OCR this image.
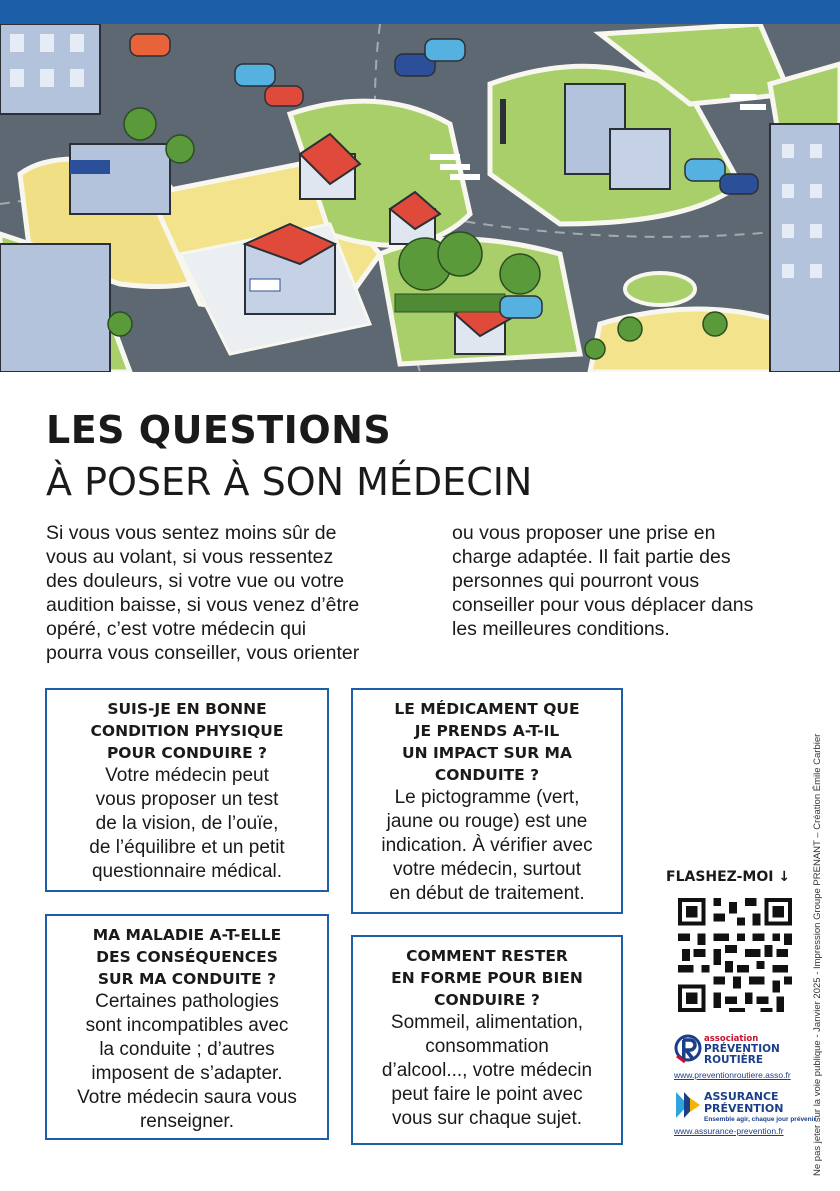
LES QUESTIONS
À POSER À SON MÉDECIN
Si vous vous sentez moins sûr de
vous au volant, si vous ressentez
des douleurs, si votre vue ou votre
audition baisse, si vous venez d’être
opéré, c’est votre médecin qui
pourra vous conseiller, vous orienter
ou vous proposer une prise en
charge adaptée. Il fait partie des
personnes qui pourront vous
conseiller pour vous déplacer dans
les meilleures conditions.
SUIS-JE EN BONNE
CONDITION PHYSIQUE
POUR CONDUIRE ?
Votre médecin peut
vous proposer un test
de la vision, de l’ouïe,
de l’équilibre et un petit
questionnaire médical.
LE MÉDICAMENT QUE
JE PRENDS A-T-IL
UN IMPACT SUR MA
CONDUITE ?
Le pictogramme (vert,
jaune ou rouge) est une
indication. À vérifier avec
votre médecin, surtout
en début de traitement.
MA MALADIE A-T-ELLE
DES CONSÉQUENCES
SUR MA CONDUITE ?
Certaines pathologies
sont incompatibles avec
la conduite ; d’autres
imposent de s’adapter.
Votre médecin saura vous
renseigner.
COMMENT RESTER
EN FORME POUR BIEN
CONDUIRE ?
Sommeil, alimentation,
consommation
d’alcool..., votre médecin
peut faire le point avec
vous sur chaque sujet.	Ne pas jeter sur la voie publique - Janvier 2025 - Impression Groupe PRENANT – Création Émile Carbier
FLASHEZ-MOI ↓
association
PRÉVENTION
ROUTIÈRE
www.preventionroutiere.asso.fr
ASSURANCE
PRÉVENTION
Ensemble agir, chaque jour prévenir
www.assurance-prevention.fr
